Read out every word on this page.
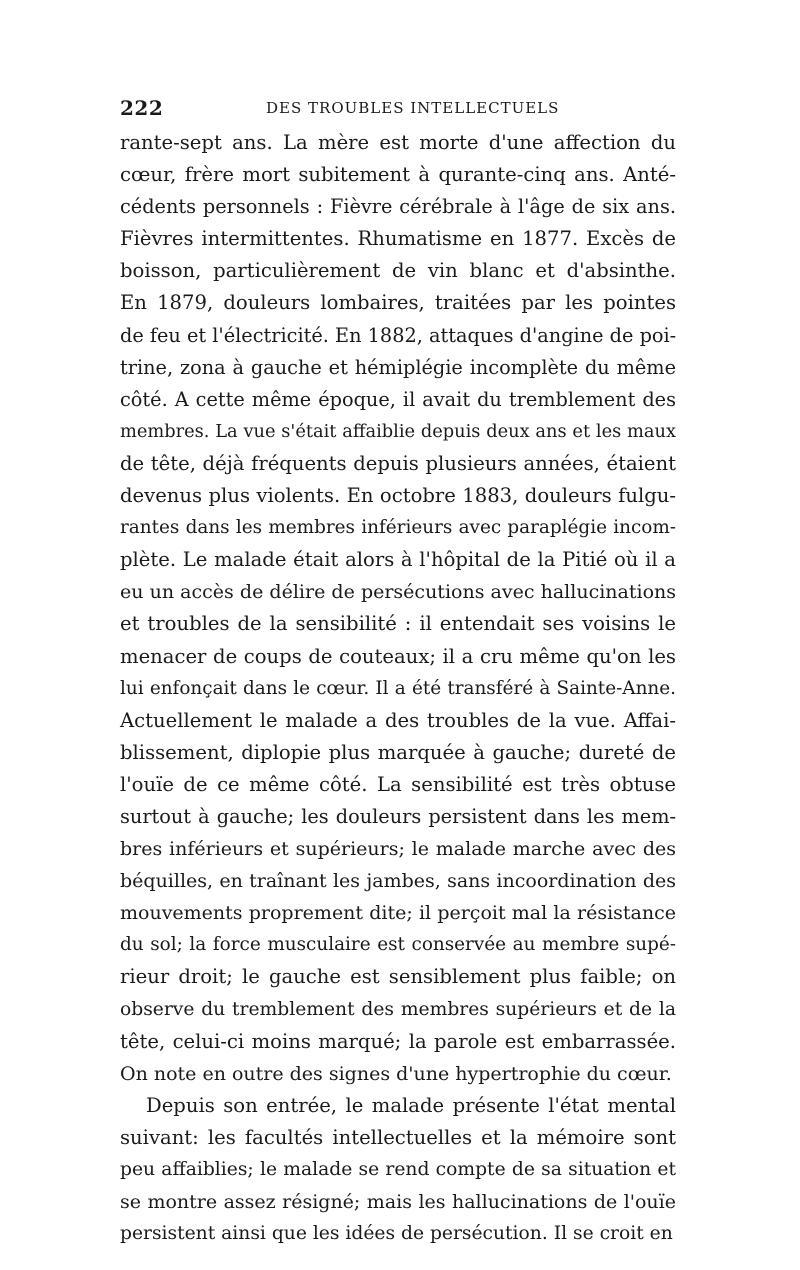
222	DES TROUBLES INTELLECTUELS
rante-sept ans. La mère est morte d'une affection du
cœur, frère mort subitement à qurante-cinq ans. Anté-
cédents personnels : Fièvre cérébrale à l'âge de six ans.
Fièvres intermittentes. Rhumatisme en 1877. Excès de
boisson, particulièrement de vin blanc et d'absinthe.
En 1879, douleurs lombaires, traitées par les pointes
de feu et l'électricité. En 1882, attaques d'angine de poi-
trine, zona à gauche et hémiplégie incomplète du même
côté. A cette même époque, il avait du tremblement des
membres. La vue s'était affaiblie depuis deux ans et les maux
de tête, déjà fréquents depuis plusieurs années, étaient
devenus plus violents. En octobre 1883, douleurs fulgu-
rantes dans les membres inférieurs avec paraplégie incom-
plète. Le malade était alors à l'hôpital de la Pitié où il a
eu un accès de délire de persécutions avec hallucinations
et troubles de la sensibilité : il entendait ses voisins le
menacer de coups de couteaux; il a cru même qu'on les
lui enfonçait dans le cœur. Il a été transféré à Sainte-Anne.
Actuellement le malade a des troubles de la vue. Affai-
blissement, diplopie plus marquée à gauche; dureté de
l'ouïe de ce même côté. La sensibilité est très obtuse
surtout à gauche; les douleurs persistent dans les mem-
bres inférieurs et supérieurs; le malade marche avec des
béquilles, en traînant les jambes, sans incoordination des
mouvements proprement dite; il perçoit mal la résistance
du sol; la force musculaire est conservée au membre supé-
rieur droit; le gauche est sensiblement plus faible; on
observe du tremblement des membres supérieurs et de la
tête, celui-ci moins marqué; la parole est embarrassée.
On note en outre des signes d'une hypertrophie du cœur.
Depuis son entrée, le malade présente l'état mental
suivant: les facultés intellectuelles et la mémoire sont
peu affaiblies; le malade se rend compte de sa situation et
se montre assez résigné; mais les hallucinations de l'ouïe
persistent ainsi que les idées de persécution. Il se croit en
